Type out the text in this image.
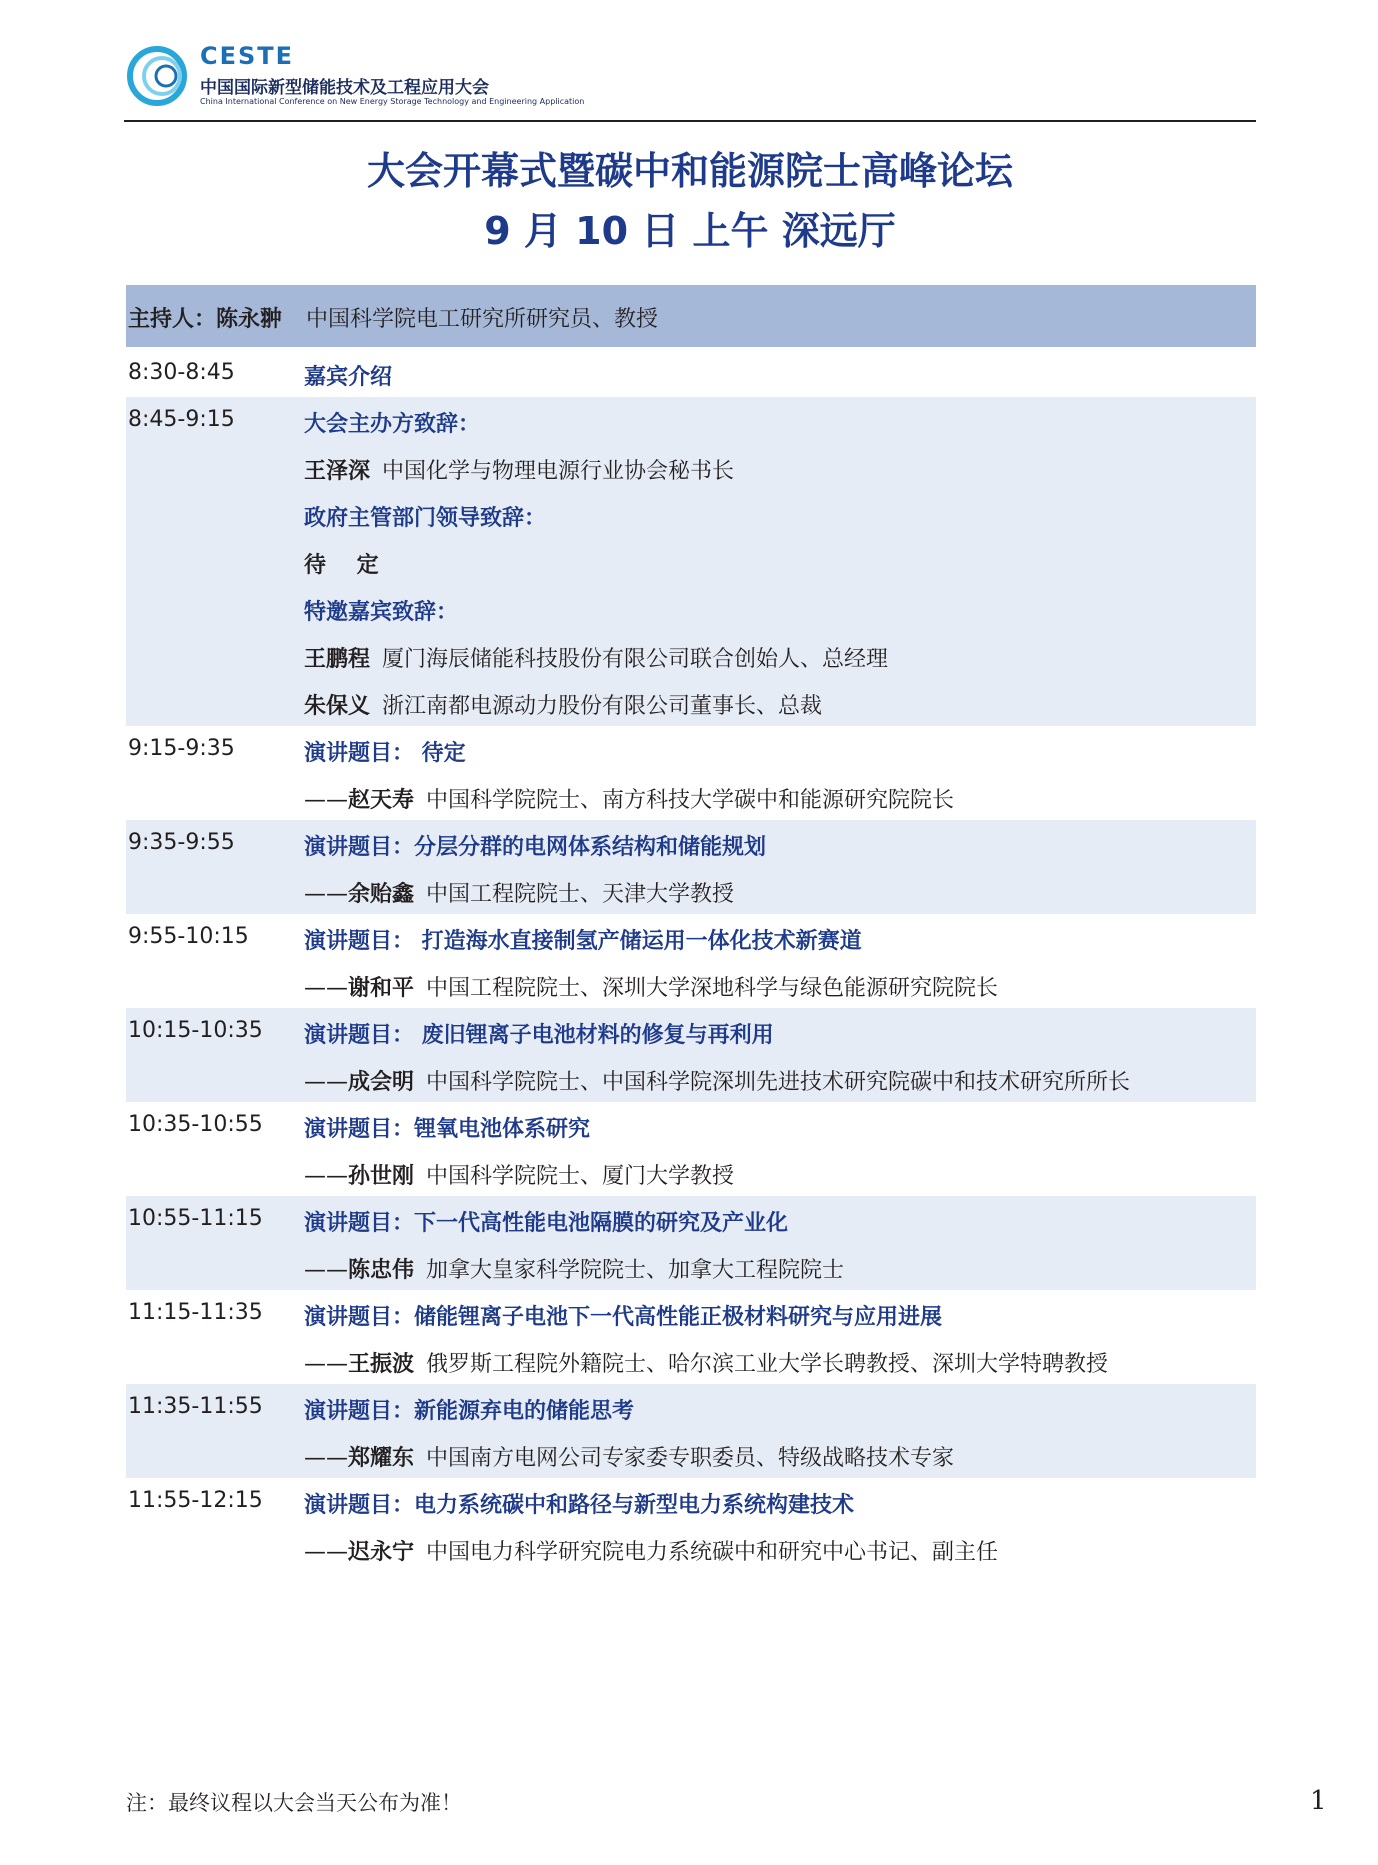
CESTE
中国国际新型储能技术及工程应用大会
China International Conference on New Energy Storage Technology and Engineering Application
大会开幕式暨碳中和能源院士高峰论坛
9 月 10 日 上午 深远厅
主持人：陈永翀 中国科学院电工研究所研究员、教授
8:30-8:45	嘉宾介绍
8:45-9:15	大会主办方致辞：
王泽深 中国化学与物理电源行业协会秘书长
政府主管部门领导致辞：
待    定
特邀嘉宾致辞：
王鹏程 厦门海辰储能科技股份有限公司联合创始人、总经理
朱保义 浙江南都电源动力股份有限公司董事长、总裁
9:15-9:35	演讲题目： 待定
——赵天寿 中国科学院院士、南方科技大学碳中和能源研究院院长
9:35-9:55	演讲题目：分层分群的电网体系结构和储能规划
——余贻鑫 中国工程院院士、天津大学教授
9:55-10:15	演讲题目： 打造海水直接制氢产储运用一体化技术新赛道
——谢和平 中国工程院院士、深圳大学深地科学与绿色能源研究院院长
10:15-10:35 演讲题目： 废旧锂离子电池材料的修复与再利用
——成会明 中国科学院院士、中国科学院深圳先进技术研究院碳中和技术研究所所长
10:35-10:55 演讲题目：锂氧电池体系研究
——孙世刚 中国科学院院士、厦门大学教授
10:55-11:15 演讲题目：下一代高性能电池隔膜的研究及产业化
——陈忠伟 加拿大皇家科学院院士、加拿大工程院院士
11:15-11:35 演讲题目：储能锂离子电池下一代高性能正极材料研究与应用进展
——王振波 俄罗斯工程院外籍院士、哈尔滨工业大学长聘教授、深圳大学特聘教授
11:35-11:55 演讲题目：新能源弃电的储能思考
——郑耀东 中国南方电网公司专家委专职委员、特级战略技术专家
11:55-12:15 演讲题目：电力系统碳中和路径与新型电力系统构建技术
——迟永宁 中国电力科学研究院电力系统碳中和研究中心书记、副主任
注：最终议程以大会当天公布为准！	1
